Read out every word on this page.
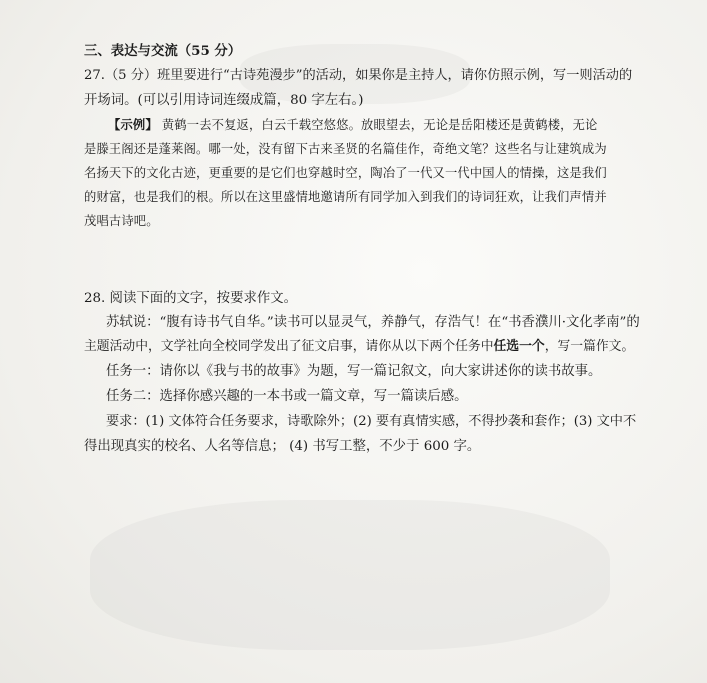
三、表达与交流（55 分）
27.（5 分）班里要进行“古诗苑漫步”的活动，如果你是主持人，请你仿照示例，写一则活动的
开场词。(可以引用诗词连缀成篇，80 字左右。)
【示例】 黄鹤一去不复返，白云千载空悠悠。放眼望去，无论是岳阳楼还是黄鹤楼，无论
是滕王阁还是蓬莱阁。哪一处，没有留下古来圣贤的名篇佳作，奇绝文笔？这些名与让建筑成为
名扬天下的文化古迹，更重要的是它们也穿越时空，陶冶了一代又一代中国人的情操，这是我们
的财富，也是我们的根。所以在这里盛情地邀请所有同学加入到我们的诗词狂欢，让我们声情并
茂唱古诗吧。
28. 阅读下面的文字，按要求作文。
苏轼说：“腹有诗书气自华。”读书可以显灵气，养静气，存浩气！在“书香濮川·文化孝南”的
主题活动中，文学社向全校同学发出了征文启事，请你从以下两个任务中任选一个，写一篇作文。
任务一：请你以《我与书的故事》为题，写一篇记叙文，向大家讲述你的读书故事。
任务二：选择你感兴趣的一本书或一篇文章，写一篇读后感。
要求：(1) 文体符合任务要求，诗歌除外；(2) 要有真情实感，不得抄袭和套作；(3) 文中不
得出现真实的校名、人名等信息； (4) 书写工整，不少于 600 字。
